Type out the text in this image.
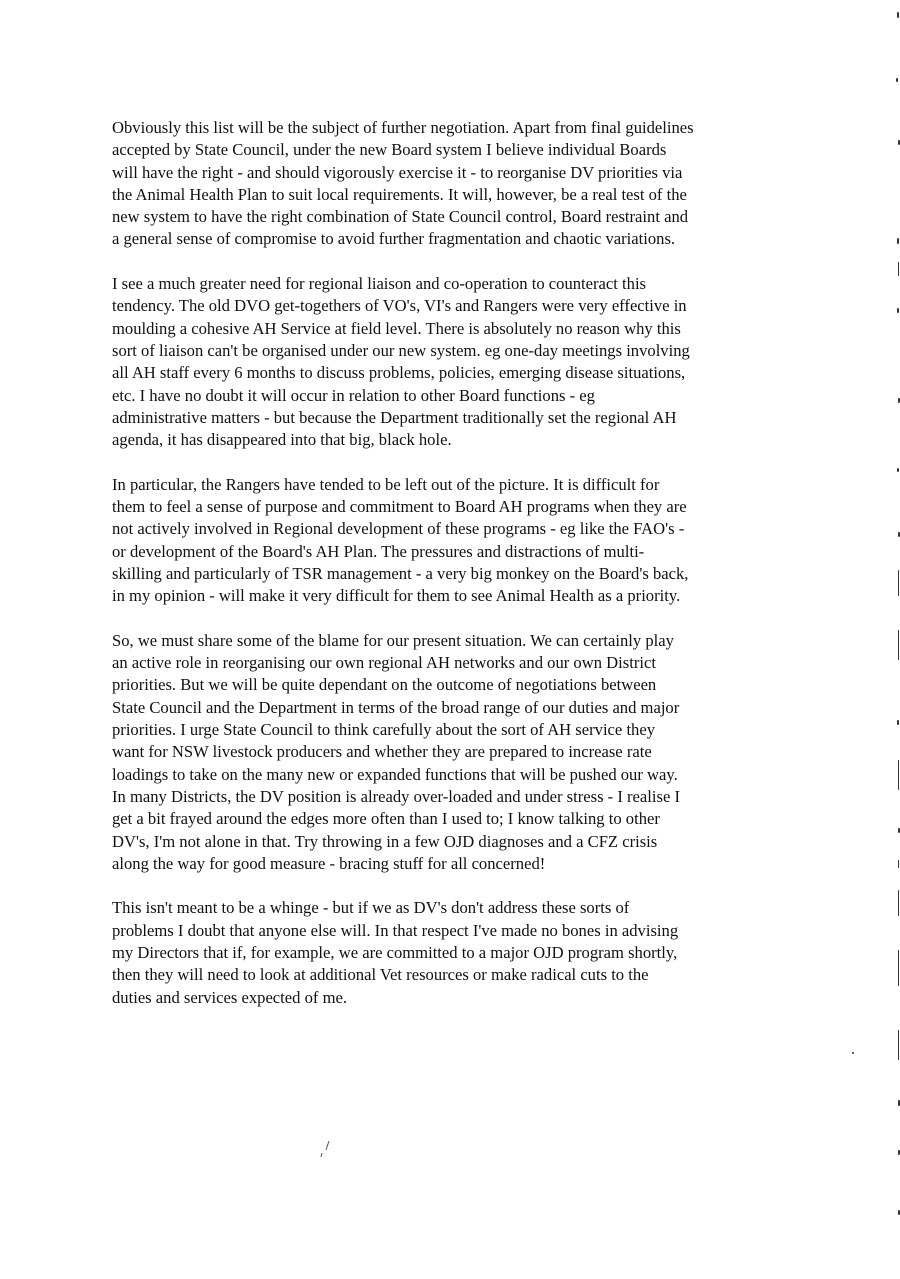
Obviously this list will be the subject of further negotiation. Apart from final guidelines
accepted by State Council, under the new Board system I believe individual Boards
will have the right - and should vigorously exercise it - to reorganise DV priorities via
the Animal Health Plan to suit local requirements. It will, however, be a real test of the
new system to have the right combination of State Council control, Board restraint and
a general sense of compromise to avoid further fragmentation and chaotic variations.

I see a much greater need for regional liaison and co-operation to counteract this
tendency. The old DVO get-togethers of VO's, VI's and Rangers were very effective in
moulding a cohesive AH Service at field level. There is absolutely no reason why this
sort of liaison can't be organised under our new system. eg one-day meetings involving
all AH staff every 6 months to discuss problems, policies, emerging disease situations,
etc. I have no doubt it will occur in relation to other Board functions - eg
administrative matters - but because the Department traditionally set the regional AH
agenda, it has disappeared into that big, black hole.

In particular, the Rangers have tended to be left out of the picture. It is difficult for
them to feel a sense of purpose and commitment to Board AH programs when they are
not actively involved in Regional development of these programs - eg like the FAO's -
or development of the Board's AH Plan. The pressures and distractions of multi-
skilling and particularly of TSR management - a very big monkey on the Board's back,
in my opinion - will make it very difficult for them to see Animal Health as a priority.

So, we must share some of the blame for our present situation. We can certainly play
an active role in reorganising our own regional AH networks and our own District
priorities. But we will be quite dependant on the outcome of negotiations between
State Council and the Department in terms of the broad range of our duties and major
priorities. I urge State Council to think carefully about the sort of AH service they
want for NSW livestock producers and whether they are prepared to increase rate
loadings to take on the many new or expanded functions that will be pushed our way.
In many Districts, the DV position is already over-loaded and under stress - I realise I
get a bit frayed around the edges more often than I used to; I know talking to other
DV's, I'm not alone in that. Try throwing in a few OJD diagnoses and a CFZ crisis
along the way for good measure - bracing stuff for all concerned!

This isn't meant to be a whinge - but if we as DV's don't address these sorts of
problems I doubt that anyone else will. In that respect I've made no bones in advising
my Directors that if, for example, we are committed to a major OJD program shortly,
then they will need to look at additional Vet resources or make radical cuts to the
duties and services expected of me.
